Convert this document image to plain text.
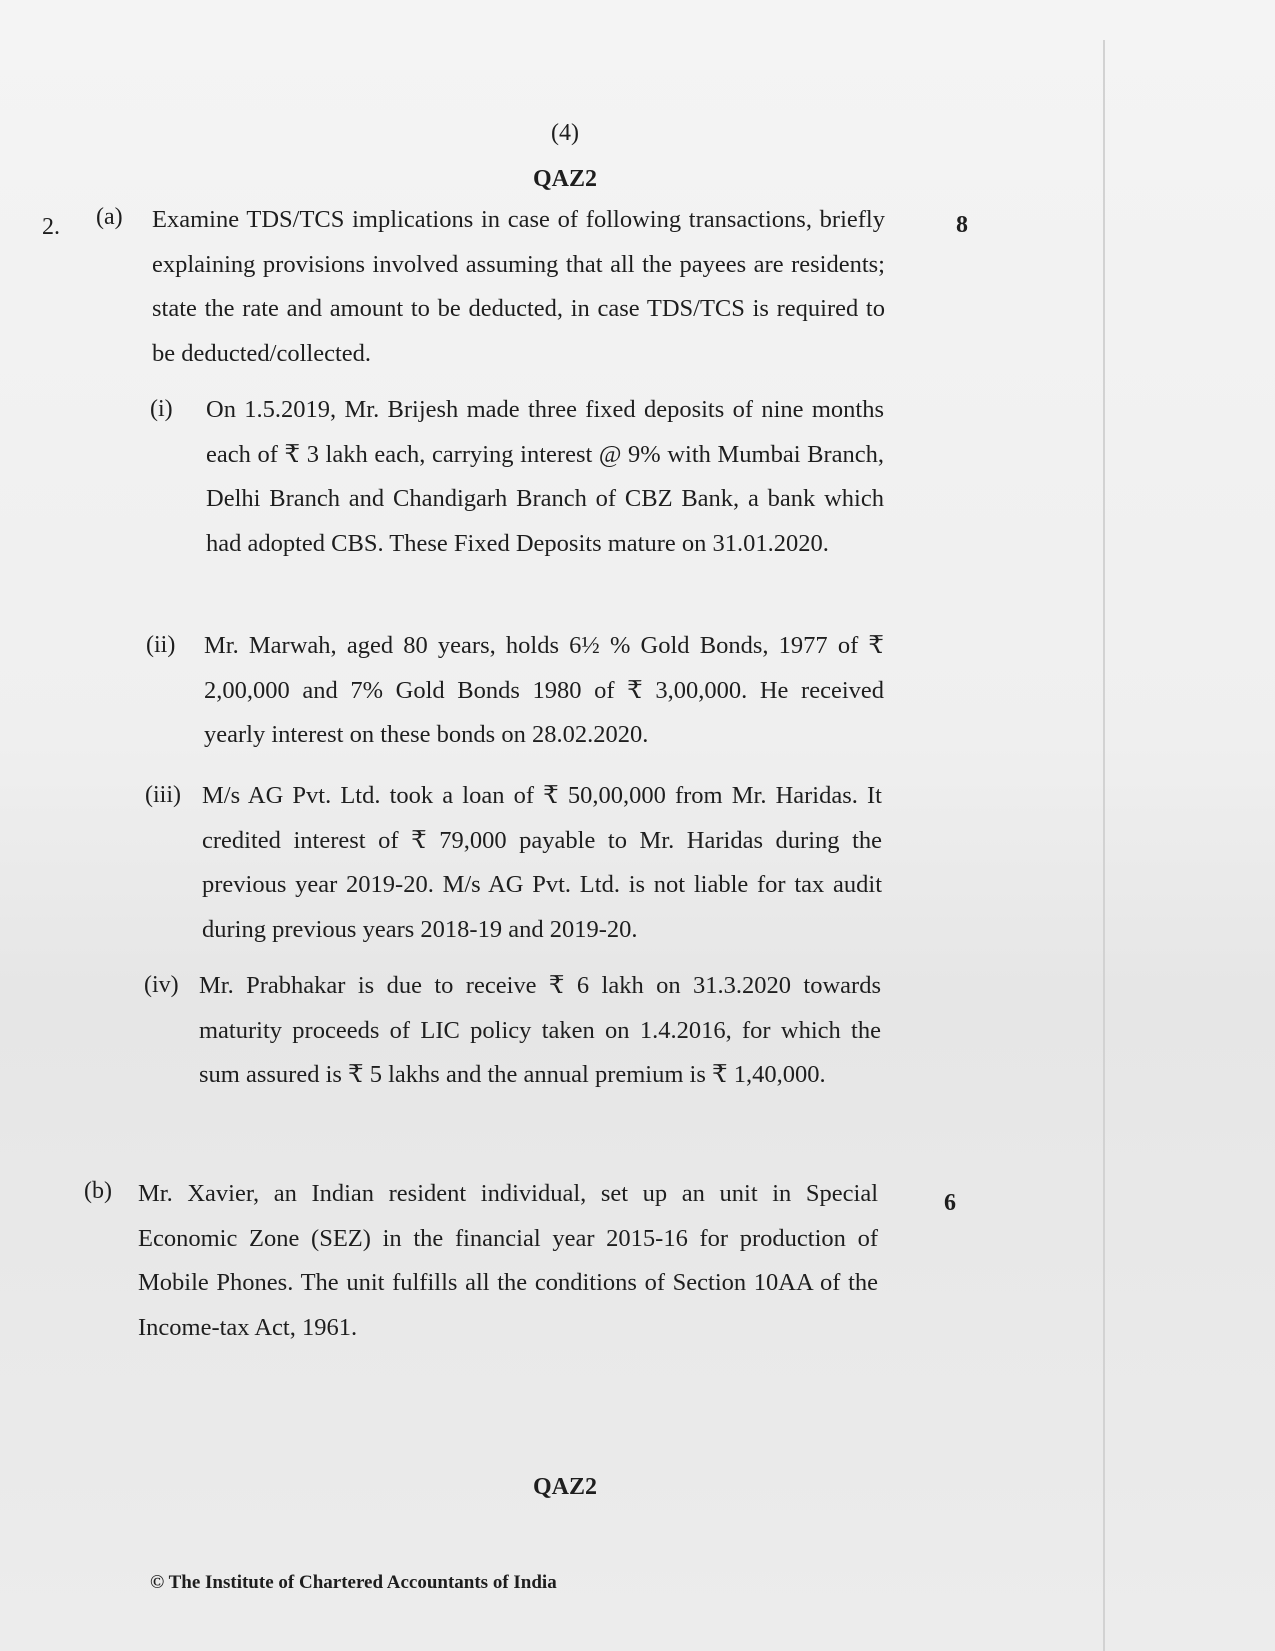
(4)
QAZ2
2. (a)	8

Examine TDS/TCS implications in case of following transactions, briefly explaining provisions involved assuming that all the payees are residents; state the rate and amount to be deducted, in case TDS/TCS is required to be deducted/collected.

(i) On 1.5.2019, Mr. Brijesh made three fixed deposits of nine months each of ₹ 3 lakh each, carrying interest @ 9% with Mumbai Branch, Delhi Branch and Chandigarh Branch of CBZ Bank, a bank which had adopted CBS. These Fixed Deposits mature on 31.01.2020.

(ii) Mr. Marwah, aged 80 years, holds 6½ % Gold Bonds, 1977 of ₹ 2,00,000 and 7% Gold Bonds 1980 of ₹ 3,00,000. He received yearly interest on these bonds on 28.02.2020.

(iii) M/s AG Pvt. Ltd. took a loan of ₹ 50,00,000 from Mr. Haridas. It credited interest of ₹ 79,000 payable to Mr. Haridas during the previous year 2019-20. M/s AG Pvt. Ltd. is not liable for tax audit during previous years 2018-19 and 2019-20.

(iv) Mr. Prabhakar is due to receive ₹ 6 lakh on 31.3.2020 towards maturity proceeds of LIC policy taken on 1.4.2016, for which the sum assured is ₹ 5 lakhs and the annual premium is ₹ 1,40,000.

(b)	6

Mr. Xavier, an Indian resident individual, set up an unit in Special Economic Zone (SEZ) in the financial year 2015-16 for production of Mobile Phones. The unit fulfills all the conditions of Section 10AA of the Income-tax Act, 1961.

QAZ2
© The Institute of Chartered Accountants of India
